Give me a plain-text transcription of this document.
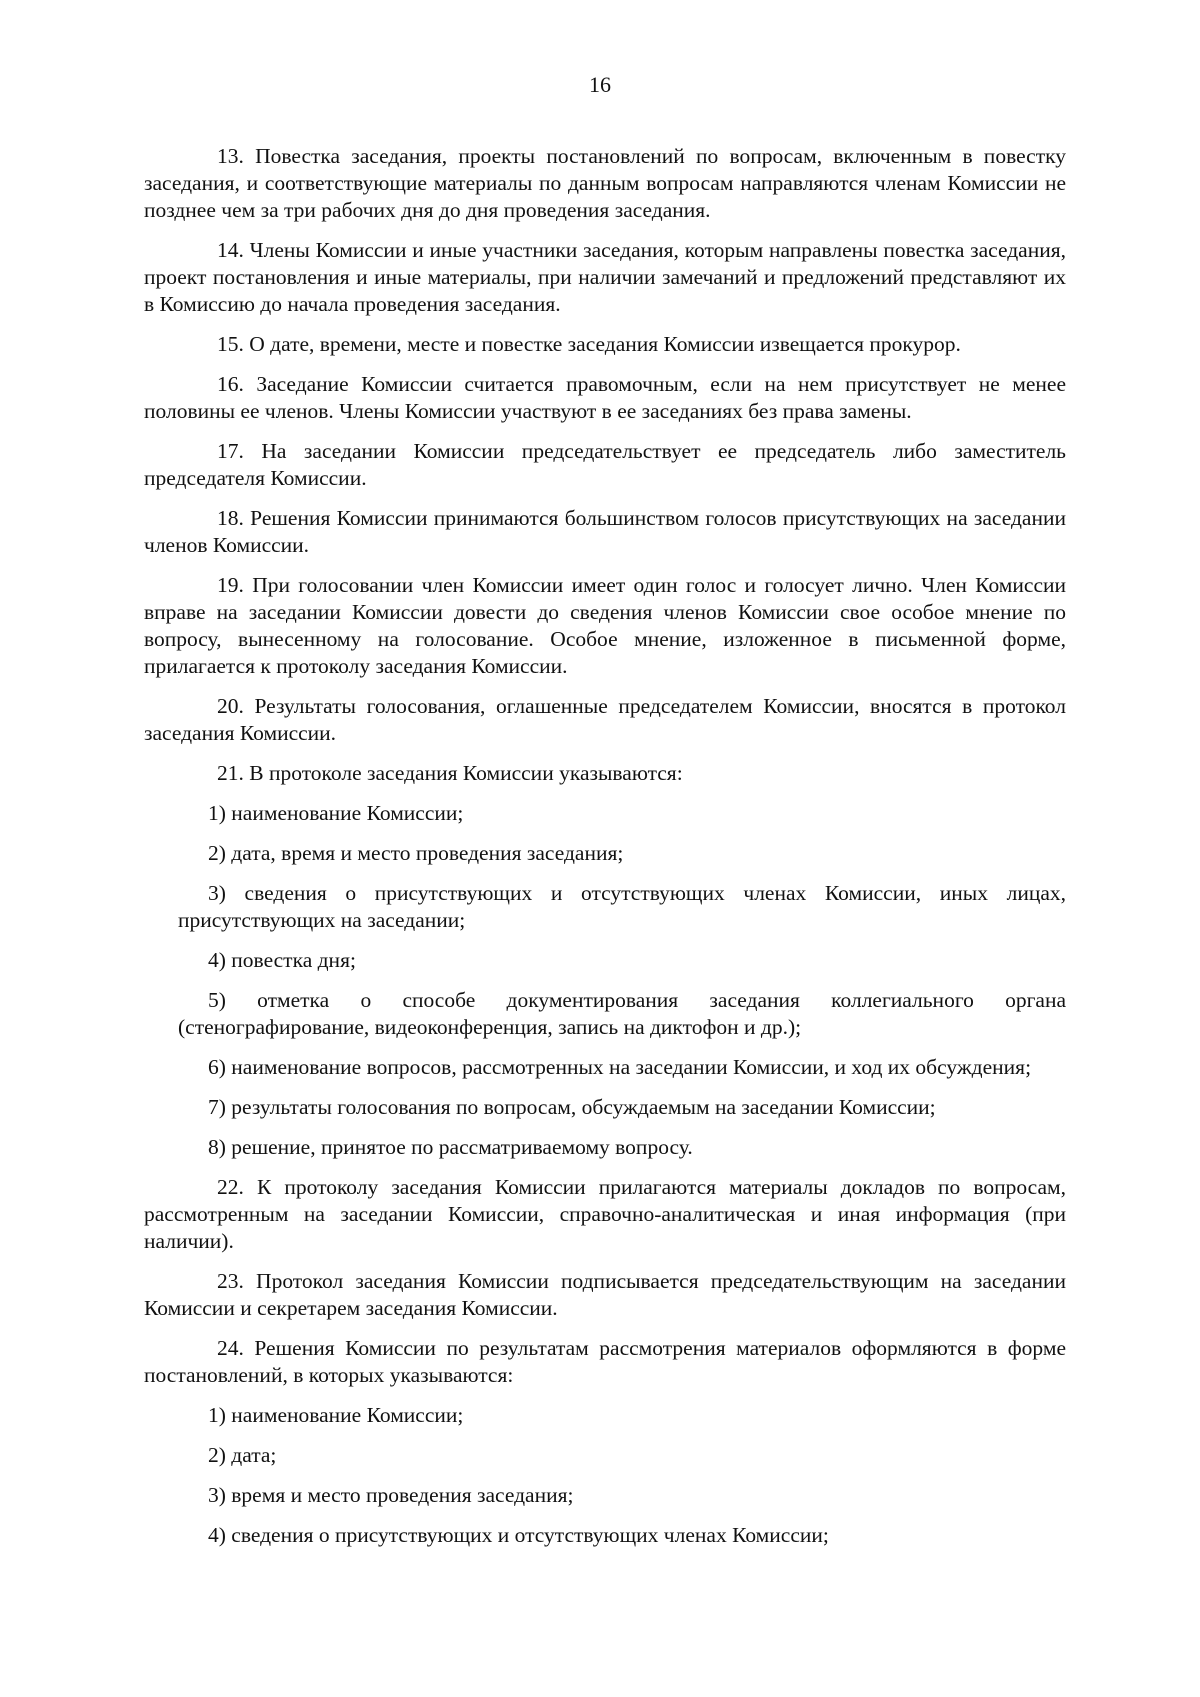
16

13. Повестка заседания, проекты постановлений по вопросам, включенным в повестку заседания, и соответствующие материалы по данным вопросам направляются членам Комиссии не позднее чем за три рабочих дня до дня проведения заседания.

14. Члены Комиссии и иные участники заседания, которым направлены повестка заседания, проект постановления и иные материалы, при наличии замечаний и предложений представляют их в Комиссию до начала проведения заседания.

15. О дате, времени, месте и повестке заседания Комиссии извещается прокурор.

16. Заседание Комиссии считается правомочным, если на нем присутствует не менее половины ее членов. Члены Комиссии участвуют в ее заседаниях без права замены.

17. На заседании Комиссии председательствует ее председатель либо заместитель председателя Комиссии.

18. Решения Комиссии принимаются большинством голосов присутствующих на заседании членов Комиссии.

19. При голосовании член Комиссии имеет один голос и голосует лично. Член Комиссии вправе на заседании Комиссии довести до сведения членов Комиссии свое особое мнение по вопросу, вынесенному на голосование. Особое мнение, изложенное в письменной форме, прилагается к протоколу заседания Комиссии.

20. Результаты голосования, оглашенные председателем Комиссии, вносятся в протокол заседания Комиссии.

21. В протоколе заседания Комиссии указываются:

1) наименование Комиссии;

2) дата, время и место проведения заседания;

3) сведения о присутствующих и отсутствующих членах Комиссии, иных лицах, присутствующих на заседании;

4) повестка дня;

5) отметка о способе документирования заседания коллегиального органа (стенографирование, видеоконференция, запись на диктофон и др.);

6) наименование вопросов, рассмотренных на заседании Комиссии, и ход их обсуждения;

7) результаты голосования по вопросам, обсуждаемым на заседании Комиссии;

8) решение, принятое по рассматриваемому вопросу.

22. К протоколу заседания Комиссии прилагаются материалы докладов по вопросам, рассмотренным на заседании Комиссии, справочно-аналитическая и иная информация (при наличии).

23. Протокол заседания Комиссии подписывается председательствующим на заседании Комиссии и секретарем заседания Комиссии.

24. Решения Комиссии по результатам рассмотрения материалов оформляются в форме постановлений, в которых указываются:

1) наименование Комиссии;

2) дата;

3) время и место проведения заседания;

4) сведения о присутствующих и отсутствующих членах Комиссии;
